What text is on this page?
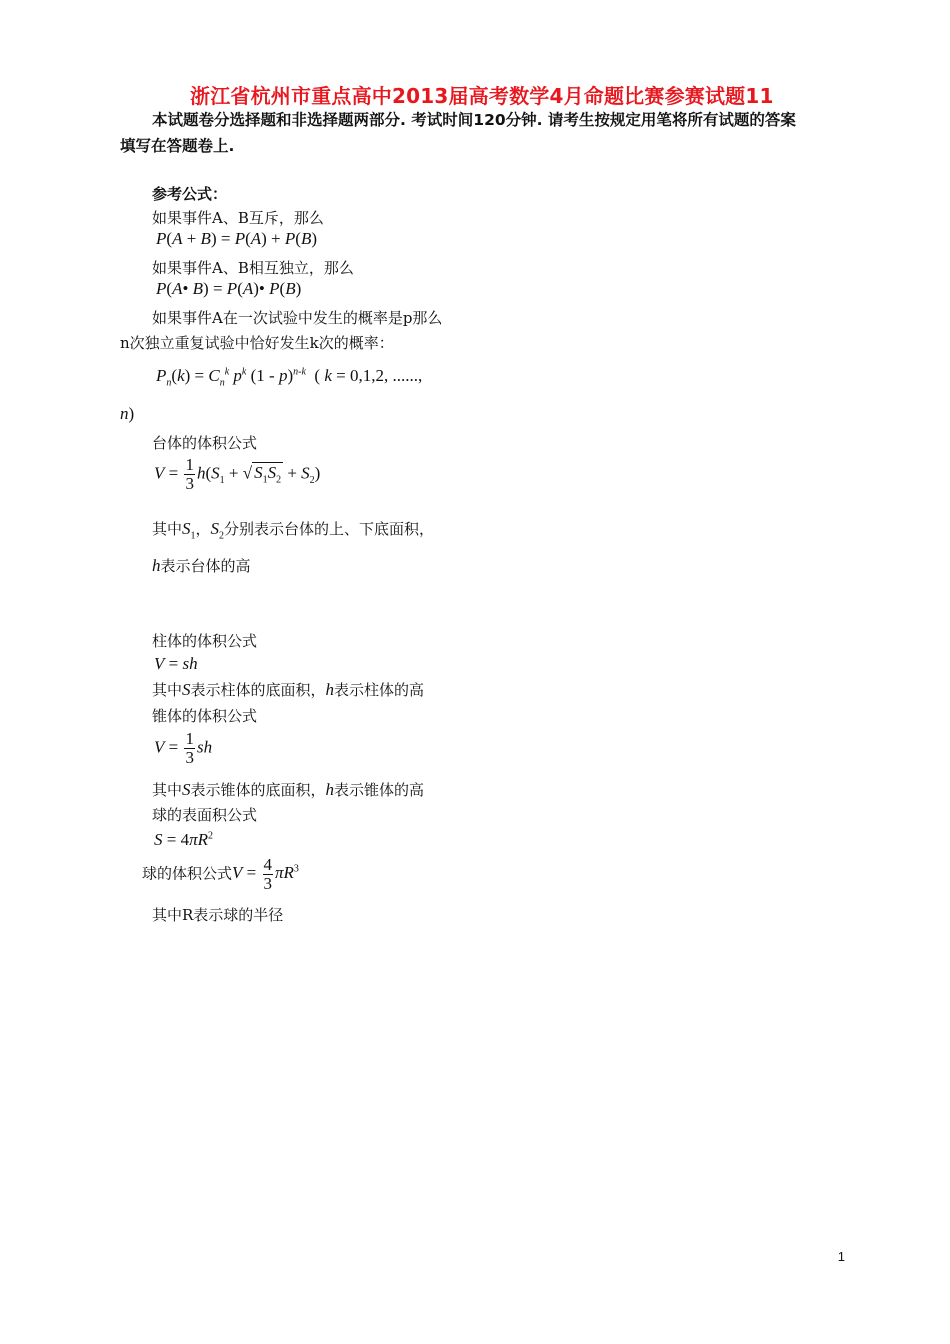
浙江省杭州市重点高中2013届高考数学4月命题比赛参赛试题11
本试题卷分选择题和非选择题两部分. 考试时间120分钟. 请考生按规定用笔将所有试题的答案
填写在答题卷上.
参考公式：
如果事件A、B互斥，那么
P(A + B) = P(A) + P(B)
如果事件A、B相互独立，那么
P(A• B) = P(A)• P(B)
如果事件A在一次试验中发生的概率是p那么
n次独立重复试验中恰好发生k次的概率：
$P_n(k) = C_n^k$ $p^k$ (1 - p)$^{n-k}$  ( k = 0,1,2, ......,
n)
台体的体积公式
$V = \frac{1}{3} h(S_1$ + √ $S_1S_2 + S_2$)
其中$S_1$，$S_2$分别表示台体的上、下底面积，
h表示台体的高
柱体的体积公式
V = sh
其中S表示柱体的底面积，h表示柱体的高
锥体的体积公式
$V = \frac{1}{3}$ sh
其中S表示锥体的底面积，h表示锥体的高
球的表面积公式
$S = 4\pi R^2$
球的体积公式$V = \frac{4}{3} \pi R^3$
其中R表示球的半径
1
